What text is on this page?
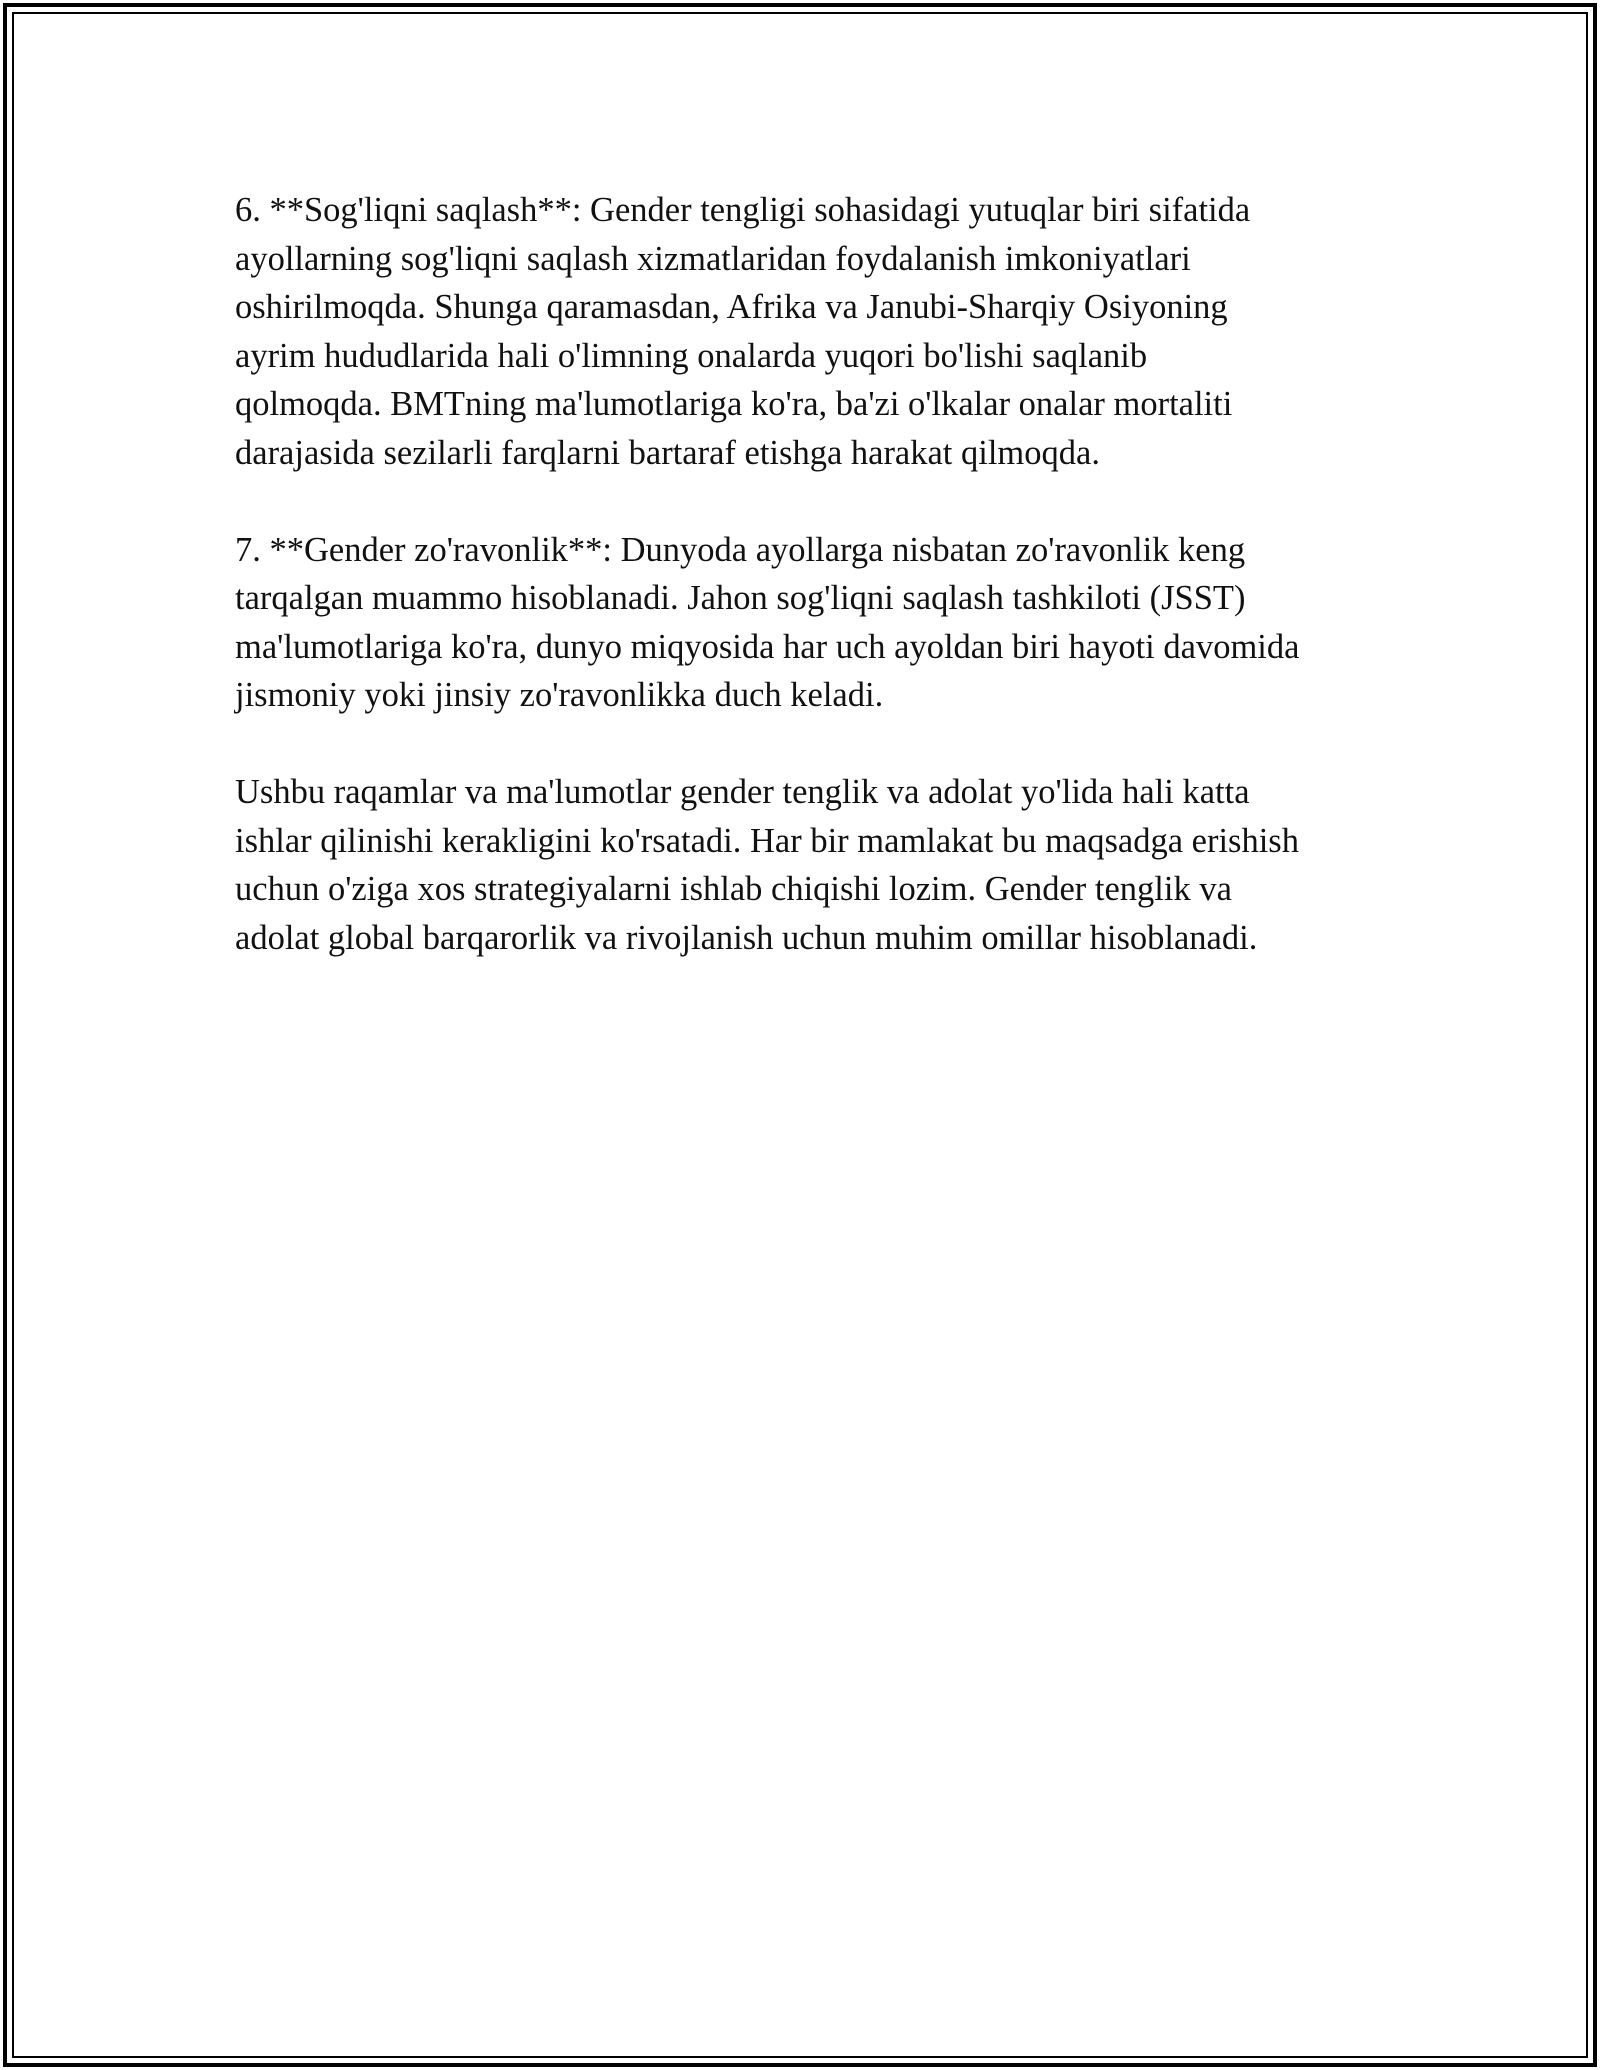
6. **Sog'liqni saqlash**: Gender tengligi sohasidagi yutuqlar biri sifatida
ayollarning sog'liqni saqlash xizmatlaridan foydalanish imkoniyatlari
oshirilmoqda. Shunga qaramasdan, Afrika va Janubi-Sharqiy Osiyoning
ayrim hududlarida hali o'limning onalarda yuqori bo'lishi saqlanib
qolmoqda. BMTning ma'lumotlariga ko'ra, ba'zi o'lkalar onalar mortaliti
darajasida sezilarli farqlarni bartaraf etishga harakat qilmoqda.

7. **Gender zo'ravonlik**: Dunyoda ayollarga nisbatan zo'ravonlik keng
tarqalgan muammo hisoblanadi. Jahon sog'liqni saqlash tashkiloti (JSST)
ma'lumotlariga ko'ra, dunyo miqyosida har uch ayoldan biri hayoti davomida
jismoniy yoki jinsiy zo'ravonlikka duch keladi.

Ushbu raqamlar va ma'lumotlar gender tenglik va adolat yo'lida hali katta
ishlar qilinishi kerakligini ko'rsatadi. Har bir mamlakat bu maqsadga erishish
uchun o'ziga xos strategiyalarni ishlab chiqishi lozim. Gender tenglik va
adolat global barqarorlik va rivojlanish uchun muhim omillar hisoblanadi.
